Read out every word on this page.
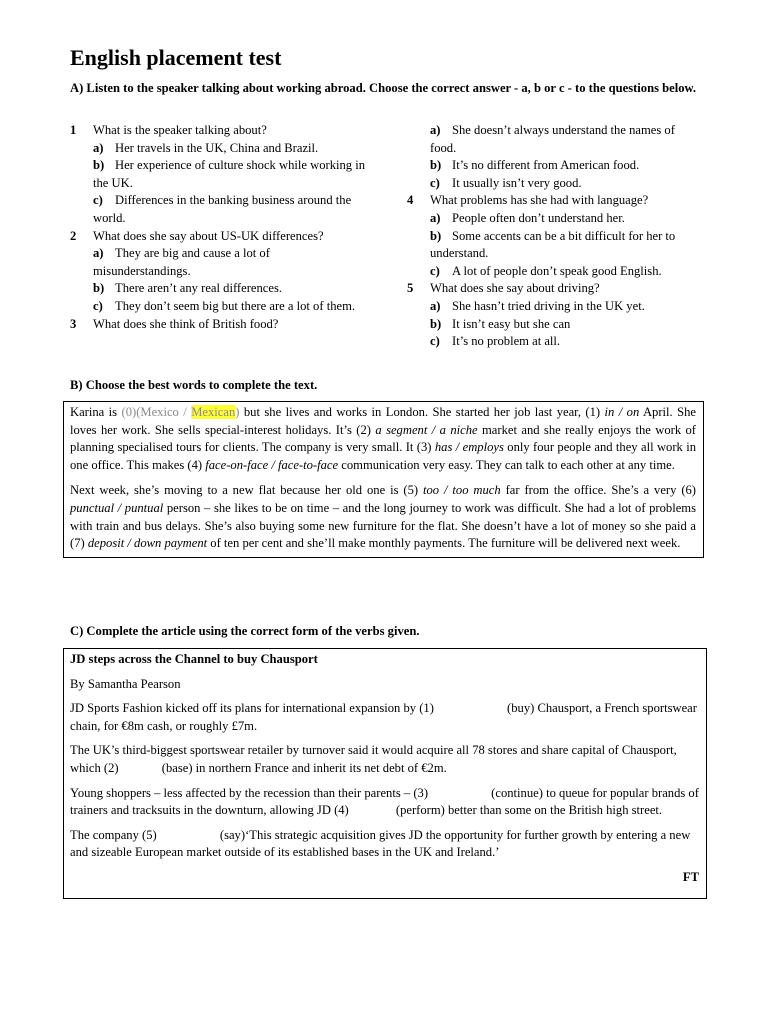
English placement test

A) Listen to the speaker talking about working abroad. Choose the correct answer - a, b or c - to the questions below.

1 What is the speaker talking about?
a) Her travels in the UK, China and Brazil.
b) Her experience of culture shock while working in the UK.
c) Differences in the banking business around the world.
2 What does she say about US-UK differences?
a) They are big and cause a lot of misunderstandings.
b) There aren’t any real differences.
c) They don’t seem big but there are a lot of them.
3 What does she think of British food?
a) She doesn’t always understand the names of food.
b) It’s no different from American food.
c) It usually isn’t very good.
4 What problems has she had with language?
a) People often don’t understand her.
b) Some accents can be a bit difficult for her to understand.
c) A lot of people don’t speak good English.
5 What does she say about driving?
a) She hasn’t tried driving in the UK yet.
b) It isn’t easy but she can
c) It’s no problem at all.

B) Choose the best words to complete the text.

Karina is (0)(Mexico / Mexican) but she lives and works in London. She started her job last year, (1) in / on April. She loves her work. She sells special-interest holidays. It’s (2) a segment / a niche market and she really enjoys the work of planning specialised tours for clients. The company is very small. It (3) has / employs only four people and they all work in one office. This makes (4) face-on-face / face-to-face communication very easy. They can talk to each other at any time.

Next week, she’s moving to a new flat because her old one is (5) too / too much far from the office. She’s a very (6) punctual / puntual person – she likes to be on time – and the long journey to work was difficult. She had a lot of problems with train and bus delays. She’s also buying some new furniture for the flat. She doesn’t have a lot of money so she paid a (7) deposit / down payment of ten per cent and she’ll make monthly payments. The furniture will be delivered next week.

C) Complete the article using the correct form of the verbs given.

JD steps across the Channel to buy Chausport

By Samantha Pearson

JD Sports Fashion kicked off its plans for international expansion by (1)	(buy) Chausport, a French sportswear chain, for €8m cash, or roughly £7m.

The UK’s third-biggest sportswear retailer by turnover said it would acquire all 78 stores and share capital of Chausport, which (2)	(base) in northern France and inherit its net debt of €2m.

Young shoppers – less affected by the recession than their parents – (3)	(continue) to queue for popular brands of trainers and tracksuits in the downturn, allowing JD (4)	(perform) better than some on the British high street.

The company (5)	(say)‘This strategic acquisition gives JD the opportunity for further growth by entering a new and sizeable European market outside of its established bases in the UK and Ireland.’

FT
